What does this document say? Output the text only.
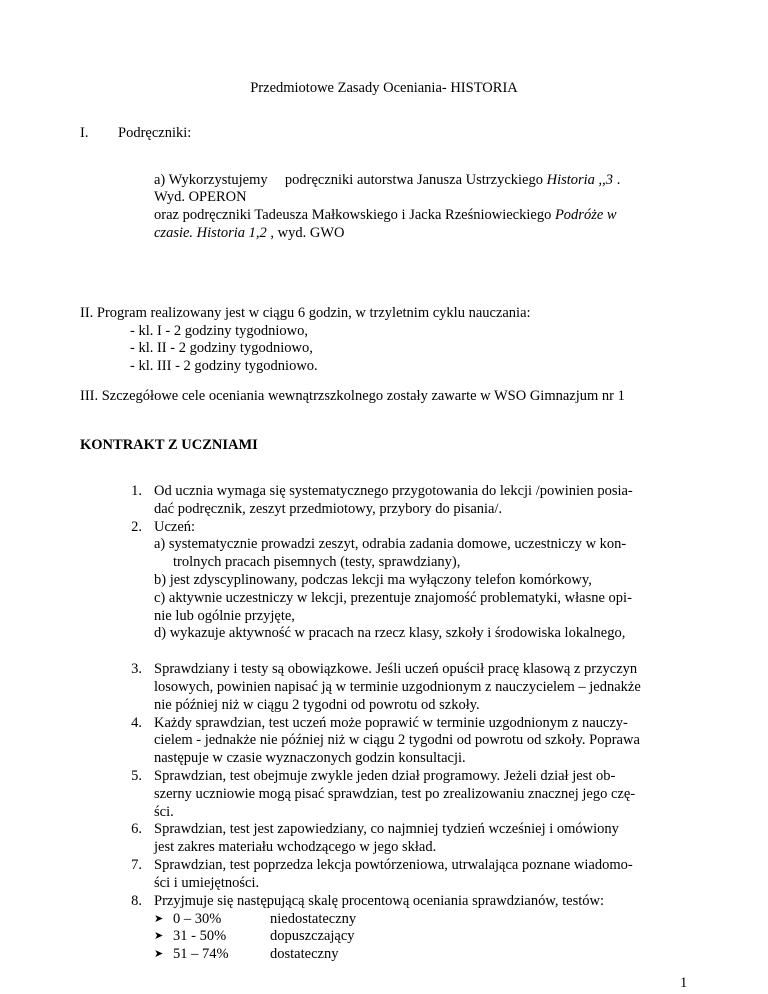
Przedmiotowe Zasady Oceniania- HISTORIA
I. Podręczniki:
a) Wykorzystujemy podręczniki autorstwa Janusza Ustrzyckiego Historia ,,3 .
Wyd. OPERON
oraz podręczniki Tadeusza Małkowskiego i Jacka Rześniowieckiego Podróże w
czasie. Historia 1,2 , wyd. GWO
II. Program realizowany jest w ciągu 6 godzin, w trzyletnim cyklu nauczania:
- kl. I - 2 godziny tygodniowo,
- kl. II - 2 godziny tygodniowo,
- kl. III - 2 godziny tygodniowo.
III. Szczegółowe cele oceniania wewnątrzszkolnego zostały zawarte w WSO Gimnazjum nr 1
KONTRAKT Z UCZNIAMI
1. Od ucznia wymaga się systematycznego przygotowania do lekcji /powinien posia-
dać podręcznik, zeszyt przedmiotowy, przybory do pisania/.
2. Uczeń:
a) systematycznie prowadzi zeszyt, odrabia zadania domowe, uczestniczy w kon-
trolnych pracach pisemnych (testy, sprawdziany),
b) jest zdyscyplinowany, podczas lekcji ma wyłączony telefon komórkowy,
c) aktywnie uczestniczy w lekcji, prezentuje znajomość problematyki, własne opi-
nie lub ogólnie przyjęte,
d) wykazuje aktywność w pracach na rzecz klasy, szkoły i środowiska lokalnego,
3. Sprawdziany i testy są obowiązkowe. Jeśli uczeń opuścił pracę klasową z przyczyn
losowych, powinien napisać ją w terminie uzgodnionym z nauczycielem – jednakże
nie później niż w ciągu 2 tygodni od powrotu od szkoły.
4. Każdy sprawdzian, test uczeń może poprawić w terminie uzgodnionym z nauczy-
cielem - jednakże nie później niż w ciągu 2 tygodni od powrotu od szkoły. Poprawa
następuje w czasie wyznaczonych godzin konsultacji.
5. Sprawdzian, test obejmuje zwykle jeden dział programowy. Jeżeli dział jest ob-
szerny uczniowie mogą pisać sprawdzian, test po zrealizowaniu znacznej jego czę-
ści.
6. Sprawdzian, test jest zapowiedziany, co najmniej tydzień wcześniej i omówiony
jest zakres materiału wchodzącego w jego skład.
7. Sprawdzian, test poprzedza lekcja powtórzeniowa, utrwalająca poznane wiadomo-
ści i umiejętności.
8. Przyjmuje się następującą skalę procentową oceniania sprawdzianów, testów:
➤ 0 – 30%	niedostateczny
➤ 31 - 50%	dopuszczający
➤ 51 – 74%	dostateczny
1
